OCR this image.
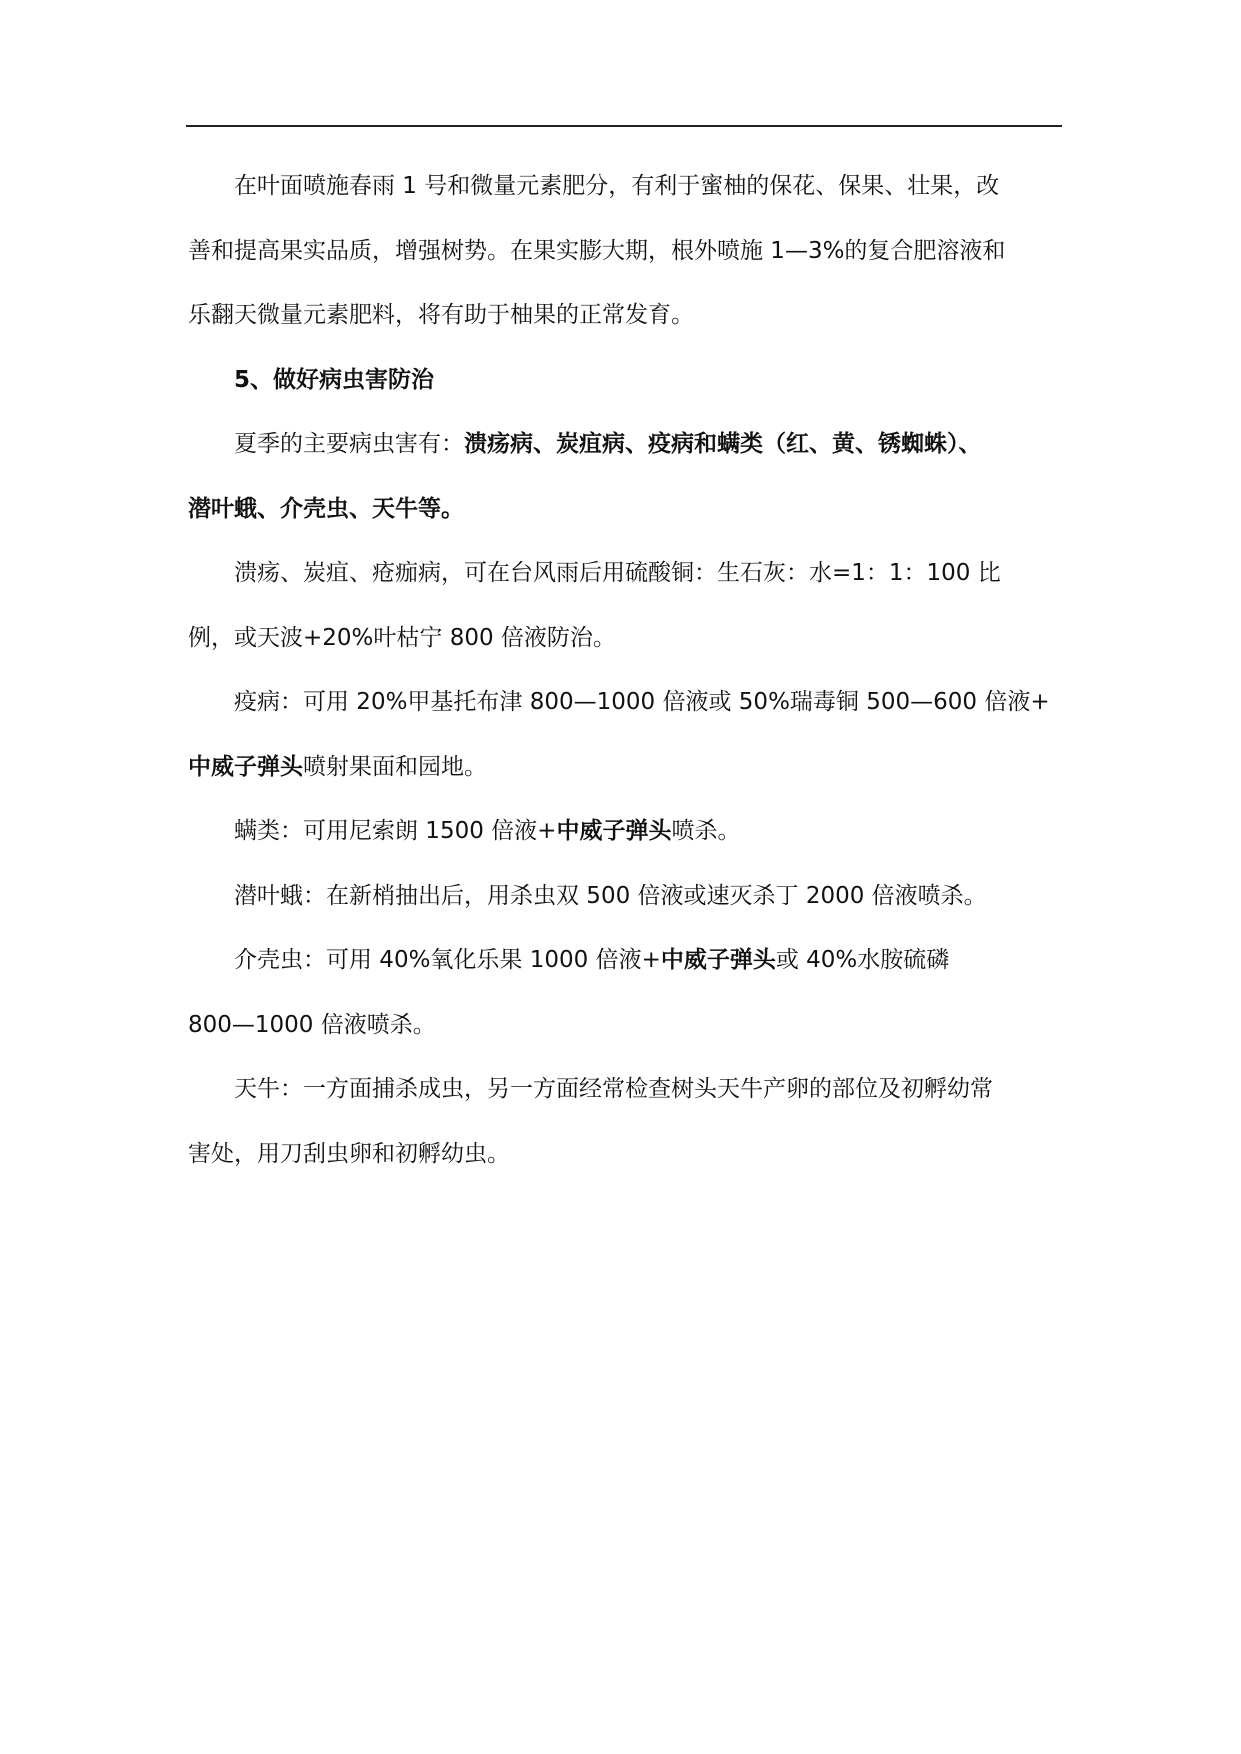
在叶面喷施春雨 1 号和微量元素肥分，有利于蜜柚的保花、保果、壮果，改
善和提高果实品质，增强树势。在果实膨大期，根外喷施 1—3%的复合肥溶液和
乐翻天微量元素肥料，将有助于柚果的正常发育。
5、做好病虫害防治
夏季的主要病虫害有：溃疡病、炭疽病、疫病和螨类（红、黄、锈蜘蛛）、
潜叶蛾、介壳虫、天牛等。
溃疡、炭疽、疮痂病，可在台风雨后用硫酸铜：生石灰：水=1：1：100 比
例，或天波+20%叶枯宁 800 倍液防治。
疫病：可用 20%甲基托布津 800—1000 倍液或 50%瑞毒铜 500—600 倍液+
中威子弹头喷射果面和园地。
螨类：可用尼索朗 1500 倍液+中威子弹头喷杀。
潜叶蛾：在新梢抽出后，用杀虫双 500 倍液或速灭杀丁 2000 倍液喷杀。
介壳虫：可用 40%氧化乐果 1000 倍液+中威子弹头或 40%水胺硫磷
800—1000 倍液喷杀。
天牛：一方面捕杀成虫，另一方面经常检查树头天牛产卵的部位及初孵幼常
害处，用刀刮虫卵和初孵幼虫。
